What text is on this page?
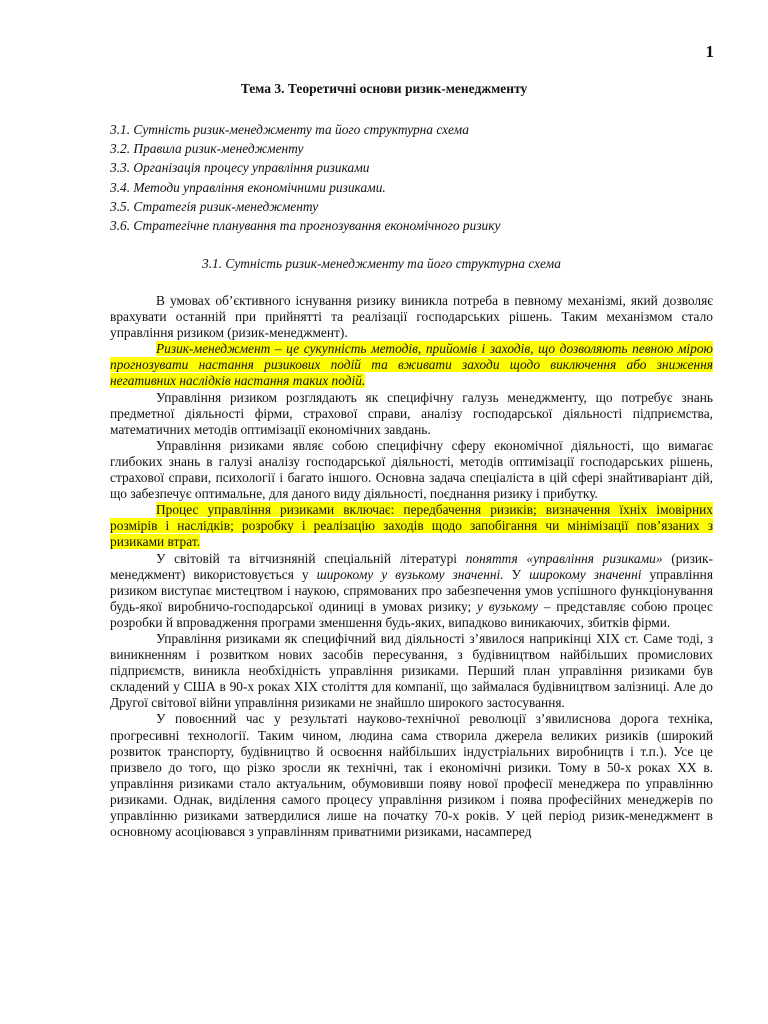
1
Тема 3. Теоретичні основи ризик-менеджменту
3.1. Сутність ризик-менеджменту та його структурна схема
3.2. Правила ризик-менеджменту
3.3. Організація процесу управління ризиками
3.4. Методи управління економічними ризиками.
3.5. Стратегія ризик-менеджменту
3.6. Стратегічне планування та прогнозування економічного ризику
3.1. Сутність ризик-менеджменту та його структурна схема

В умовах об’єктивного існування ризику виникла потреба в певному механізмі, який дозволяє врахувати останній при прийнятті та реалізації господарських рішень. Таким механізмом стало управління ризиком (ризик-менеджмент).

Ризик-менеджмент – це сукупність методів, прийомів і заходів, що дозволяють певною мірою прогнозувати настання ризикових подій та вживати заходи щодо виключення або зниження негативних наслідків настання таких подій.

Управління ризиком розглядають як специфічну галузь менеджменту, що потребує знань предметної діяльності фірми, страхової справи, аналізу господарської діяльності підприємства, математичних методів оптимізації економічних завдань.

Управління ризиками являє собою специфічну сферу економічної діяльності, що вимагає глибоких знань в галузі аналізу господарської діяльності, методів оптимізації господарських рішень, страхової справи, психології і багато іншого. Основна задача спеціаліста в цій сфері знайтиваріант дій, що забезпечує оптимальне, для даного виду діяльності, поєднання ризику і прибутку.

Процес управління ризиками включає: передбачення ризиків; визначення їхніх імовірних розмірів і наслідків; розробку і реалізацію заходів щодо запобігання чи мінімізації пов’язаних з ризиками втрат.

У світовій та вітчизняній спеціальній літературі поняття «управління ризиками» (ризик-менеджмент) використовується у широкому у вузькому значенні. У широкому значенні управління ризиком виступає мистецтвом і наукою, спрямованих про забезпечення умов успішного функціонування будь-якої виробничо-господарської одиниці в умовах ризику; у вузькому – представляє собою процес розробки й впровадження програми зменшення будь-яких, випадково виникаючих, збитків фірми.

Управління ризиками як специфічний вид діяльності з’явилося наприкінці XIX ст. Саме тоді, з виникненням і розвитком нових засобів пересування, з будівництвом найбільших промислових підприємств, виникла необхідність управління ризиками. Перший план управління ризиками був складений у США в 90-х роках XIX століття для компанії, що займалася будівництвом залізниці. Але до Другої світової війни управління ризиками не знайшло широкого застосування.

У повоєнний час у результаті науково-технічної революції з’явилиснова дорога техніка, прогресивні технології. Таким чином, людина сама створила джерела великих ризиків (широкий розвиток транспорту, будівництво й освоєння найбільших індустріальних виробництв і т.п.). Усе це призвело до того, що різко зросли як технічні, так і економічні ризики. Тому в 50-х роках XX в. управління ризиками стало актуальним, обумовивши появу нової професії менеджера по управлінню ризиками. Однак, виділення самого процесу управління ризиком і поява професійних менеджерів по управлінню ризиками затвердилися лише на початку 70-х років. У цей період ризик-менеджмент в основному асоціювався з управлінням приватними ризиками, насамперед
